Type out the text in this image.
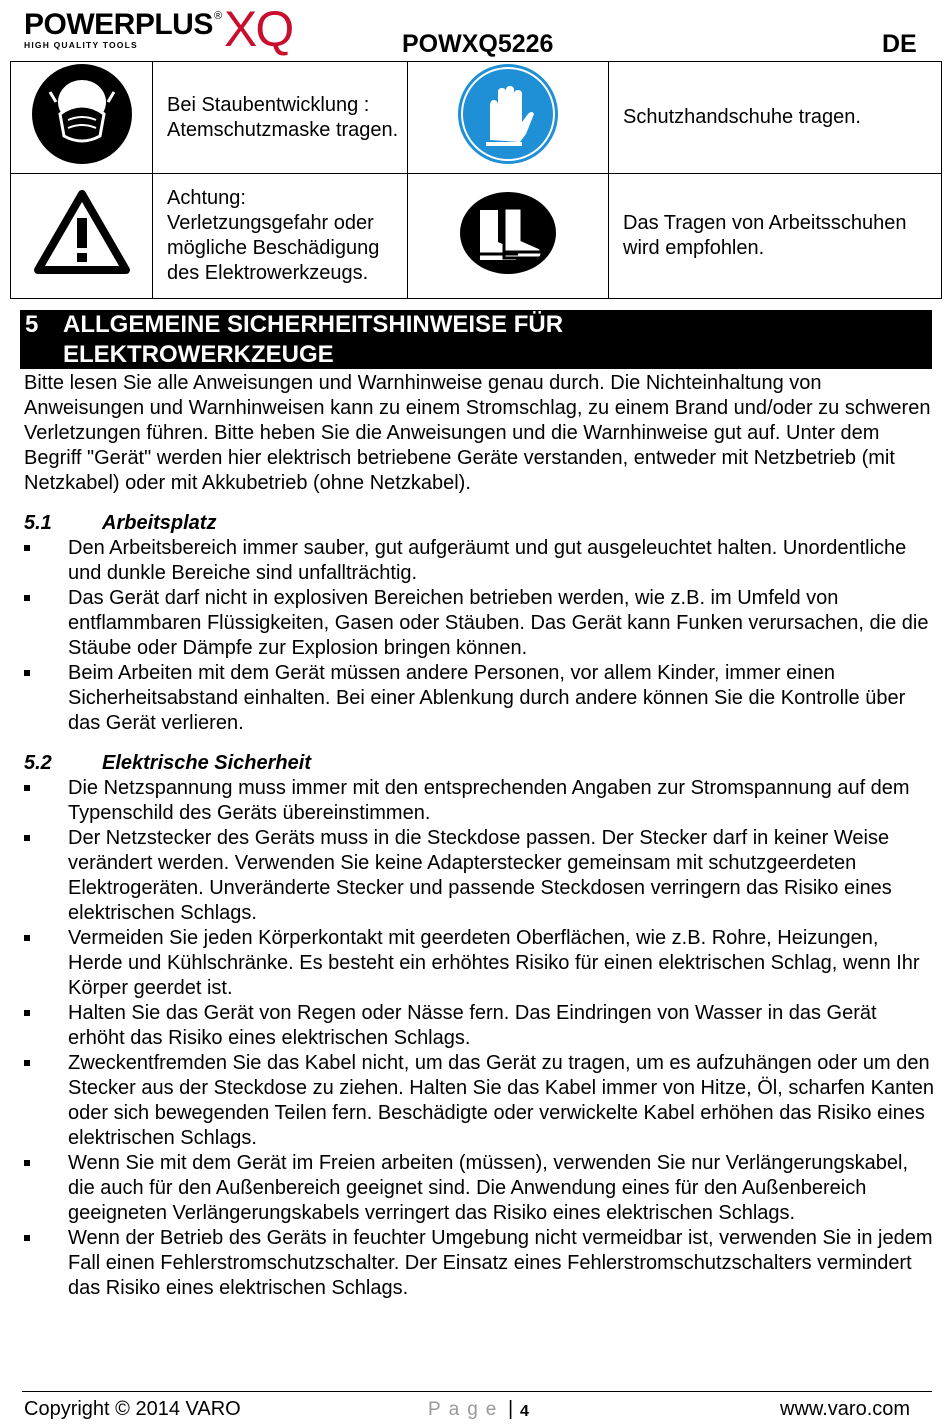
POWERPLUS ®
HIGH QUALITY TOOLS XQ	POWXQ5226	DE
	Bei Staubentwicklung : Atemschutzmaske tragen.		Schutzhandschuhe tragen.
	Achtung: Verletzungsgefahr oder mögliche Beschädigung des Elektrowerkzeugs.		Das Tragen von Arbeitsschuhen wird empfohlen.
5 ALLGEMEINE SICHERHEITSHINWEISE FÜR
ELEKTROWERKZEUGE

Bitte lesen Sie alle Anweisungen und Warnhinweise genau durch. Die Nichteinhaltung von Anweisungen und Warnhinweisen kann zu einem Stromschlag, zu einem Brand und/oder zu schweren Verletzungen führen. Bitte heben Sie die Anweisungen und die Warnhinweise gut auf. Unter dem Begriff "Gerät" werden hier elektrisch betriebene Geräte verstanden, entweder mit Netzbetrieb (mit Netzkabel) oder mit Akkubetrieb (ohne Netzkabel).

5.1	Arbeitsplatz
Den Arbeitsbereich immer sauber, gut aufgeräumt und gut ausgeleuchtet halten. Unordentliche und dunkle Bereiche sind unfallträchtig.
Das Gerät darf nicht in explosiven Bereichen betrieben werden, wie z.B. im Umfeld von entflammbaren Flüssigkeiten, Gasen oder Stäuben. Das Gerät kann Funken verursachen, die die Stäube oder Dämpfe zur Explosion bringen können.
Beim Arbeiten mit dem Gerät müssen andere Personen, vor allem Kinder, immer einen Sicherheitsabstand einhalten. Bei einer Ablenkung durch andere können Sie die Kontrolle über das Gerät verlieren.
5.2	Elektrische Sicherheit
Die Netzspannung muss immer mit den entsprechenden Angaben zur Stromspannung auf dem Typenschild des Geräts übereinstimmen.
Der Netzstecker des Geräts muss in die Steckdose passen. Der Stecker darf in keiner Weise verändert werden. Verwenden Sie keine Adapterstecker gemeinsam mit schutzgeerdeten Elektrogeräten. Unveränderte Stecker und passende Steckdosen verringern das Risiko eines elektrischen Schlags.
Vermeiden Sie jeden Körperkontakt mit geerdeten Oberflächen, wie z.B. Rohre, Heizungen, Herde und Kühlschränke. Es besteht ein erhöhtes Risiko für einen elektrischen Schlag, wenn Ihr Körper geerdet ist.
Halten Sie das Gerät von Regen oder Nässe fern. Das Eindringen von Wasser in das Gerät erhöht das Risiko eines elektrischen Schlags.
Zweckentfremden Sie das Kabel nicht, um das Gerät zu tragen, um es aufzuhängen oder um den Stecker aus der Steckdose zu ziehen. Halten Sie das Kabel immer von Hitze, Öl, scharfen Kanten oder sich bewegenden Teilen fern. Beschädigte oder verwickelte Kabel erhöhen das Risiko eines elektrischen Schlags.
Wenn Sie mit dem Gerät im Freien arbeiten (müssen), verwenden Sie nur Verlängerungskabel, die auch für den Außenbereich geeignet sind. Die Anwendung eines für den Außenbereich geeigneten Verlängerungskabels verringert das Risiko eines elektrischen Schlags.
Wenn der Betrieb des Geräts in feuchter Umgebung nicht vermeidbar ist, verwenden Sie in jedem Fall einen Fehlerstromschutzschalter. Der Einsatz eines Fehlerstromschutzschalters vermindert das Risiko eines elektrischen Schlags.
Copyright © 2014 VARO	Page | 4	www.varo.com
